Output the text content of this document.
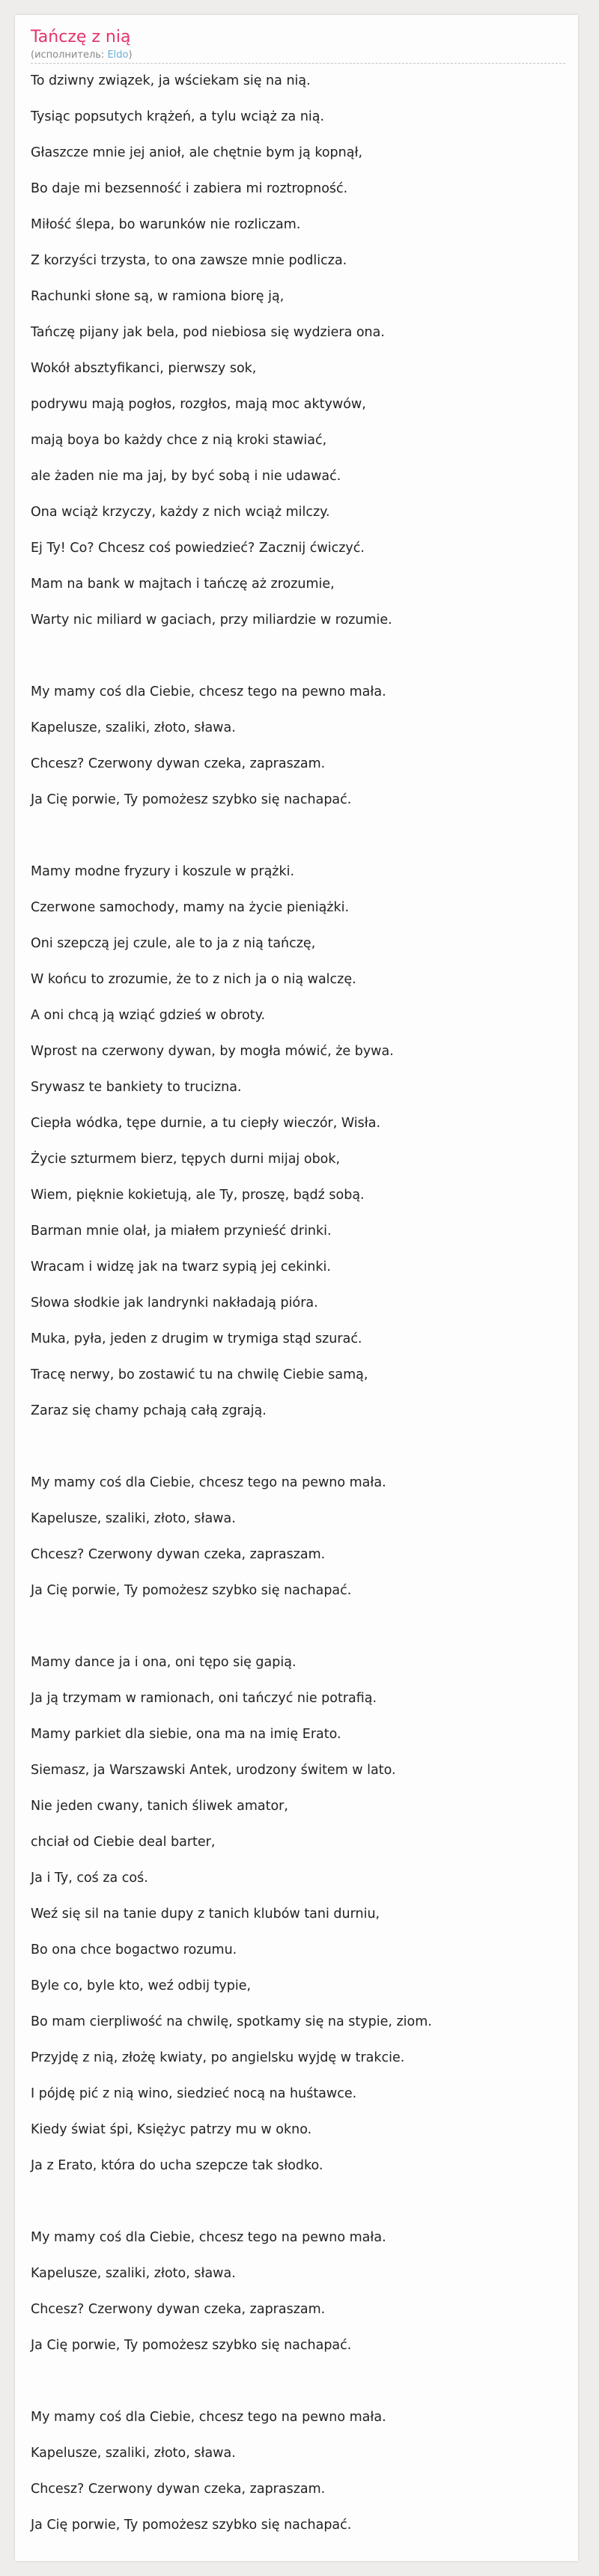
Tańczę z nią
(исполнитель: Eldo)
To dziwny związek, ja wściekam się na nią.
Tysiąc popsutych krążeń, a tylu wciąż za nią.
Głaszcze mnie jej anioł, ale chętnie bym ją kopnął,
Bo daje mi bezsenność i zabiera mi roztropność.
Miłość ślepa, bo warunków nie rozliczam.
Z korzyści trzysta, to ona zawsze mnie podlicza.
Rachunki słone są, w ramiona biorę ją,
Tańczę pijany jak bela, pod niebiosa się wydziera ona.
Wokół absztyfikanci, pierwszy sok,
podrywu mają pogłos, rozgłos, mają moc aktywów,
mają boya bo każdy chce z nią kroki stawiać,
ale żaden nie ma jaj, by być sobą i nie udawać.
Ona wciąż krzyczy, każdy z nich wciąż milczy.
Ej Ty! Co? Chcesz coś powiedzieć? Zacznij ćwiczyć.
Mam na bank w majtach i tańczę aż zrozumie,
Warty nic miliard w gaciach, przy miliardzie w rozumie.
My mamy coś dla Ciebie, chcesz tego na pewno mała.
Kapelusze, szaliki, złoto, sława.
Chcesz? Czerwony dywan czeka, zapraszam.
Ja Cię porwie, Ty pomożesz szybko się nachapać.
Mamy modne fryzury i koszule w prążki.
Czerwone samochody, mamy na życie pieniążki.
Oni szepczą jej czule, ale to ja z nią tańczę,
W końcu to zrozumie, że to z nich ja o nią walczę.
A oni chcą ją wziąć gdzieś w obroty.
Wprost na czerwony dywan, by mogła mówić, że bywa.
Srywasz te bankiety to trucizna.
Ciepła wódka, tępe durnie, a tu ciepły wieczór, Wisła.
Życie szturmem bierz, tępych durni mijaj obok,
Wiem, pięknie kokietują, ale Ty, proszę, bądź sobą.
Barman mnie olał, ja miałem przynieść drinki.
Wracam i widzę jak na twarz sypią jej cekinki.
Słowa słodkie jak landrynki nakładają pióra.
Muka, pyła, jeden z drugim w trymiga stąd szurać.
Tracę nerwy, bo zostawić tu na chwilę Ciebie samą,
Zaraz się chamy pchają całą zgrają.
My mamy coś dla Ciebie, chcesz tego na pewno mała.
Kapelusze, szaliki, złoto, sława.
Chcesz? Czerwony dywan czeka, zapraszam.
Ja Cię porwie, Ty pomożesz szybko się nachapać.
Mamy dance ja i ona, oni tępo się gapią.
Ja ją trzymam w ramionach, oni tańczyć nie potrafią.
Mamy parkiet dla siebie, ona ma na imię Erato.
Siemasz, ja Warszawski Antek, urodzony świtem w lato.
Nie jeden cwany, tanich śliwek amator,
chciał od Ciebie deal barter,
Ja i Ty, coś za coś.
Weź się sil na tanie dupy z tanich klubów tani durniu,
Bo ona chce bogactwo rozumu.
Byle co, byle kto, weź odbij typie,
Bo mam cierpliwość na chwilę, spotkamy się na stypie, ziom.
Przyjdę z nią, złożę kwiaty, po angielsku wyjdę w trakcie.
I pójdę pić z nią wino, siedzieć nocą na huśtawce.
Kiedy świat śpi, Księżyc patrzy mu w okno.
Ja z Erato, która do ucha szepcze tak słodko.
My mamy coś dla Ciebie, chcesz tego na pewno mała.
Kapelusze, szaliki, złoto, sława.
Chcesz? Czerwony dywan czeka, zapraszam.
Ja Cię porwie, Ty pomożesz szybko się nachapać.
My mamy coś dla Ciebie, chcesz tego na pewno mała.
Kapelusze, szaliki, złoto, sława.
Chcesz? Czerwony dywan czeka, zapraszam.
Ja Cię porwie, Ty pomożesz szybko się nachapać.
